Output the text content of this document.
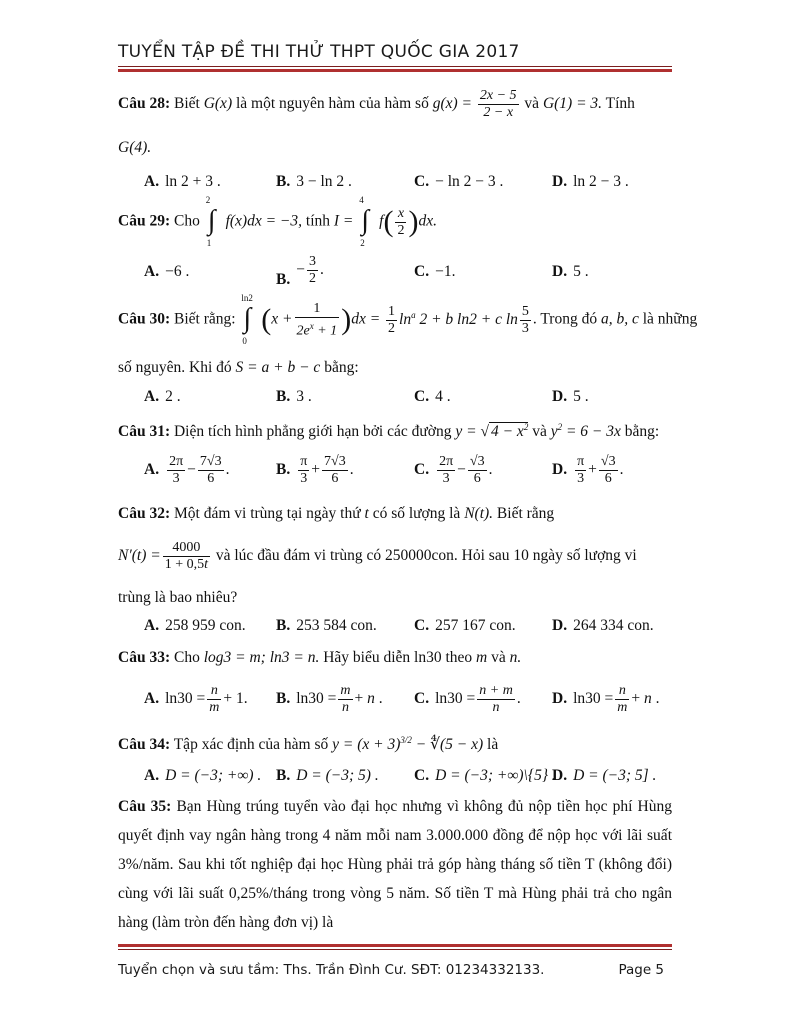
TUYỂN TẬP ĐỀ THI THỬ THPT QUỐC GIA 2017
Câu 28: Biết G(x) là một nguyên hàm của hàm số $g(x) = \frac{2x - 5}{2 - x}$ và G(1) = 3. Tính
G(4).
A. ln 2 + 3 .	B. 3 − ln 2 .	C. − ln 2 − 3 .	D. ln 2 − 3 .
Câu 29: Cho
2
∫
1
f(x)dx = −3, tính I =
4
∫
2
$f( \frac{x}{2} )dx$.
A. −6 .	$B.- \frac{3}{2}$ .	C. −1.	D. 5 .
Câu 30: Biết rằng:
ln2
∫
0
$(x + \frac{1}{2e^x + 1} )dx = \frac{1}{2} \ln^a 2 + b$ ln2 + c $\ln \frac{5}{3}$ . Trong đó a, b, c là những
số nguyên. Khi đó S = a + b − c bằng:
A. 2 .	B. 3 .	C. 4 .	D. 5 .
Câu 31: Diện tích hình phẳng giới hạn bởi các đường y = √ $4 - x^2$ và $y^2 = 6 - 3x$ bằng:
A. $\frac{2\pi}{3} - \frac{7√3}{6}$ .	B. $\frac{\pi}{3} + \frac{7√3}{6}$ .	C. $\frac{2\pi}{3} - \frac{√3}{6}$ .	D. $\frac{\pi}{3} + \frac{√3}{6}$ .
Câu 32: Một đám vi trùng tại ngày thứ t có số lượng là N(t). Biết rằng
$N'(t) = \frac{4000}{1 + 0,5t}$ và lúc đầu đám vi trùng có 250000con. Hỏi sau 10 ngày số lượng vi
trùng là bao nhiêu?
A. 258 959 con. B. 253 584 con. C. 257 167 con. D. 264 334 con.
Câu 33: Cho log3 = m; ln3 = n. Hãy biểu diễn ln30 theo m và n.
A. $\ln 30 = \frac{n}{m} + 1$. B. $\ln 30 = \frac{m}{n} + n$ . C. $\ln 30 = \frac{n + m}{n}$ . D. $\ln 30 = \frac{n}{m} + n$ .
Câu 34: Tập xác định của hàm số $y = (x + 3)^{3/2}$ − ∜(5 − x) là
A. D = (−3; +∞) . B. D = (−3; 5) . C. D = (−3; +∞)\{5} .
D. D = (−3; 5] .
Câu 35: Bạn Hùng trúng tuyển vào đại học nhưng vì không đủ nộp tiền học phí Hùng quyết định vay ngân hàng trong 4 năm mỗi nam 3.000.000 đồng để nộp học với lãi suất 3%/năm. Sau khi tốt nghiệp đại học Hùng phải trả góp hàng tháng số tiền T (không đổi) cùng với lãi suất 0,25%/tháng trong vòng 5 năm. Số tiền T mà Hùng phải trả cho ngân hàng (làm tròn đến hàng đơn vị) là
Tuyển chọn và sưu tầm: Ths. Trần Đình Cư. SĐT: 01234332133.	Page 5
